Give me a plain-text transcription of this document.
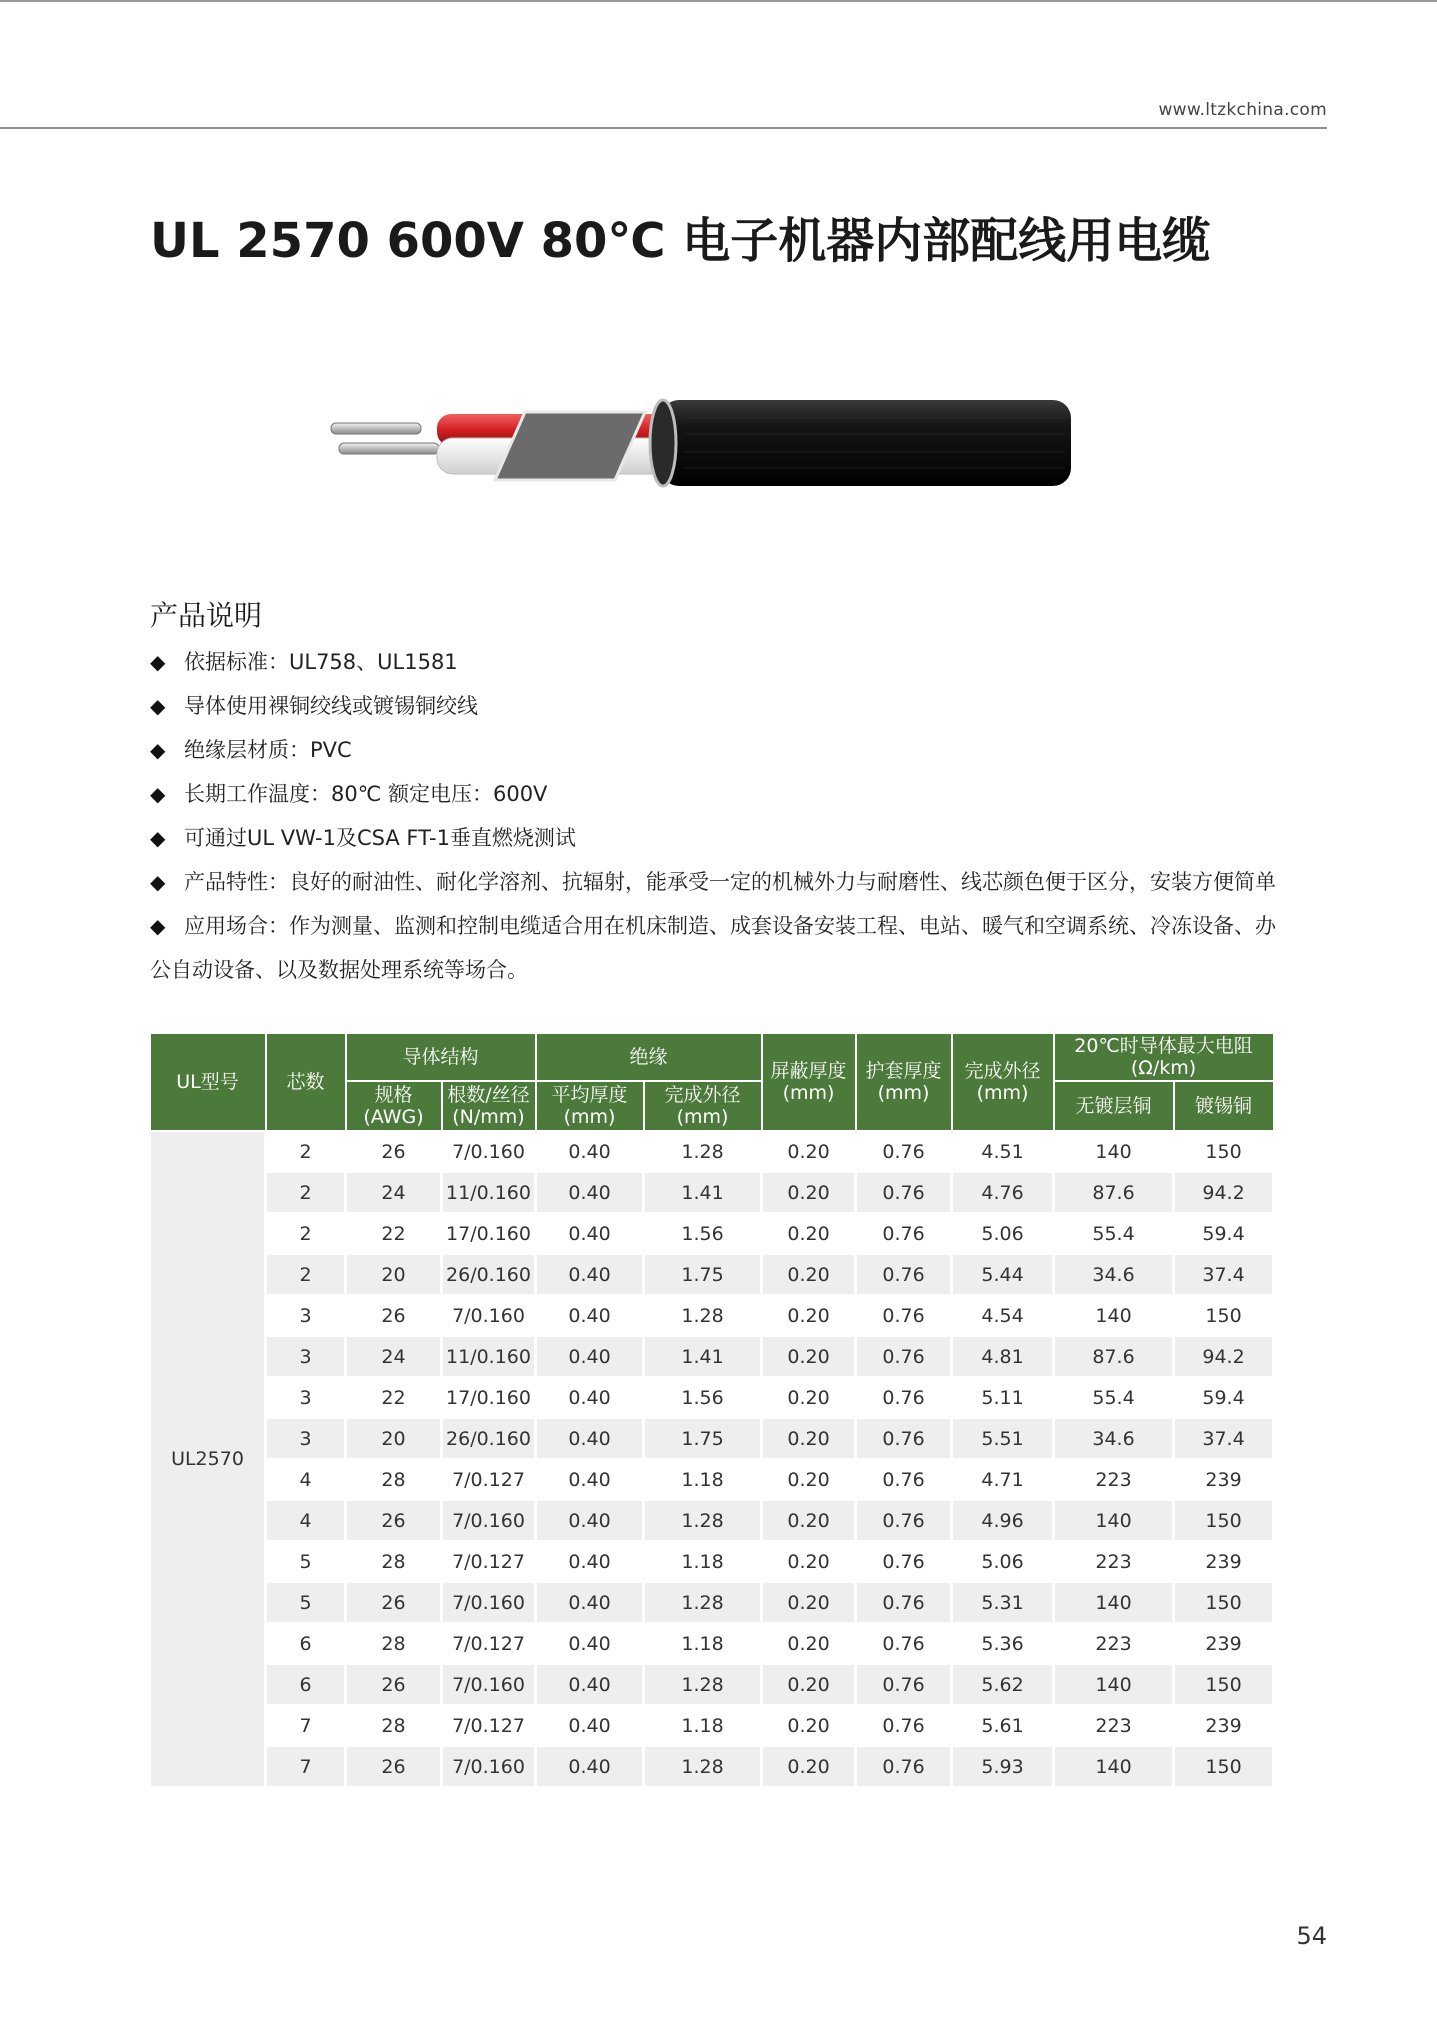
www.ltzkchina.com
UL 2570 600V 80℃ 电子机器内部配线用电缆
产品说明
◆ 依据标准：UL758、UL1581
◆ 导体使用裸铜绞线或镀锡铜绞线
◆ 绝缘层材质：PVC
◆ 长期工作温度：80℃ 额定电压：600V
◆ 可通过UL VW-1及CSA FT-1垂直燃烧测试
◆ 产品特性：良好的耐油性、耐化学溶剂、抗辐射，能承受一定的机械外力与耐磨性、线芯颜色便于区分，安装方便简单
◆ 应用场合：作为测量、监测和控制电缆适合用在机床制造、成套设备安装工程、电站、暖气和空调系统、冷冻设备、办公自动设备、以及数据处理系统等场合。
UL型号	芯数	导体结构		绝缘		屏蔽厚度(mm)	护套厚度(mm)	完成外径(mm)	20℃时导体最大电阻(Ω/km)	
		规格(AWG)	根数/丝径(N/mm)	平均厚度(mm)	完成外径(mm)				无镀层铜	镀锡铜
UL2570	2	26	7/0.160	0.40	1.28	0.20	0.76	4.51	140	150
	2	24	11/0.160	0.40	1.41	0.20	0.76	4.76	87.6	94.2
	2	22	17/0.160	0.40	1.56	0.20	0.76	5.06	55.4	59.4
	2	20	26/0.160	0.40	1.75	0.20	0.76	5.44	34.6	37.4
	3	26	7/0.160	0.40	1.28	0.20	0.76	4.54	140	150
	3	24	11/0.160	0.40	1.41	0.20	0.76	4.81	87.6	94.2
	3	22	17/0.160	0.40	1.56	0.20	0.76	5.11	55.4	59.4
	3	20	26/0.160	0.40	1.75	0.20	0.76	5.51	34.6	37.4
	4	28	7/0.127	0.40	1.18	0.20	0.76	4.71	223	239
	4	26	7/0.160	0.40	1.28	0.20	0.76	4.96	140	150
	5	28	7/0.127	0.40	1.18	0.20	0.76	5.06	223	239
	5	26	7/0.160	0.40	1.28	0.20	0.76	5.31	140	150
	6	28	7/0.127	0.40	1.18	0.20	0.76	5.36	223	239
	6	26	7/0.160	0.40	1.28	0.20	0.76	5.62	140	150
	7	28	7/0.127	0.40	1.18	0.20	0.76	5.61	223	239
	7	26	7/0.160	0.40	1.28	0.20	0.76	5.93	140	150
54
